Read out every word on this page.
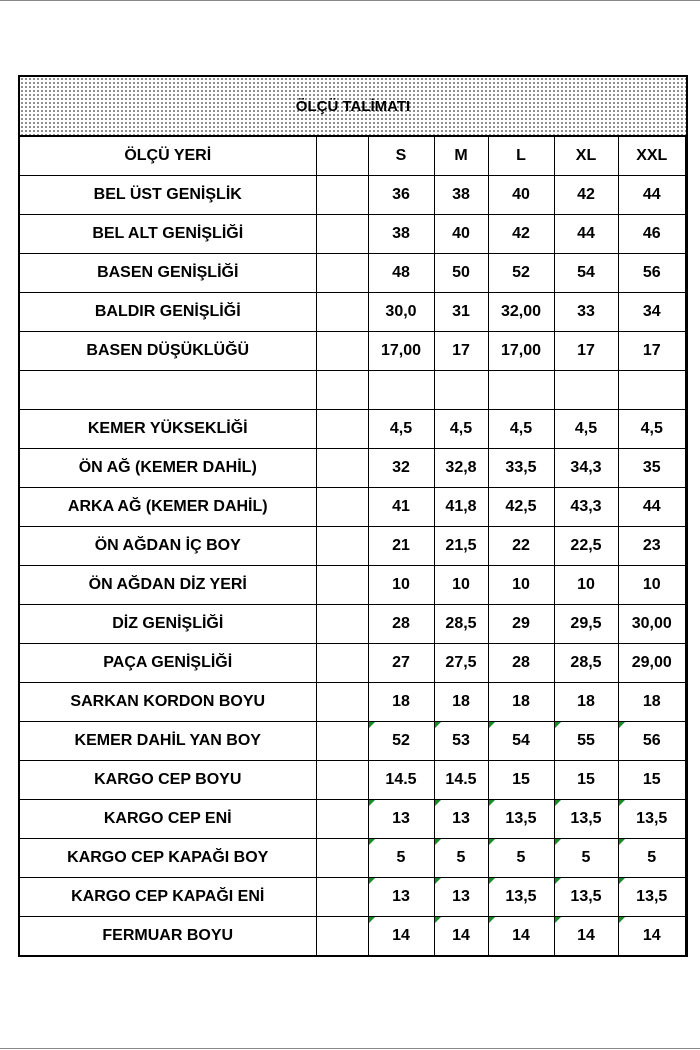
ÖLÇÜ TALİMATI
ÖLÇÜ YERİ		S	M	L	XL	XXL
BEL ÜST GENİŞLİK		36	38	40	42	44
BEL ALT GENİŞLİĞİ		38	40	42	44	46
BASEN GENİŞLİĞİ		48	50	52	54	56
BALDIR GENİŞLİĞİ		30,0	31	32,00	33	34
BASEN DÜŞÜKLÜĞÜ		17,00	17	17,00	17	17

KEMER YÜKSEKLİĞİ		4,5	4,5	4,5	4,5	4,5
ÖN AĞ (KEMER DAHİL)		32	32,8	33,5	34,3	35
ARKA AĞ (KEMER DAHİL)		41	41,8	42,5	43,3	44
ÖN AĞDAN İÇ BOY		21	21,5	22	22,5	23
ÖN AĞDAN DİZ YERİ		10	10	10	10	10
DİZ GENİŞLİĞİ		28	28,5	29	29,5	30,00
PAÇA GENİŞLİĞİ		27	27,5	28	28,5	29,00
SARKAN KORDON BOYU		18	18	18	18	18
KEMER DAHİL YAN BOY		52	53	54	55	56
KARGO CEP BOYU		14.5	14.5	15	15	15
KARGO CEP ENİ		13	13	13,5	13,5	13,5
KARGO CEP KAPAĞI BOY		5	5	5	5	5
KARGO CEP KAPAĞI ENİ		13	13	13,5	13,5	13,5
FERMUAR BOYU		14	14	14	14	14
